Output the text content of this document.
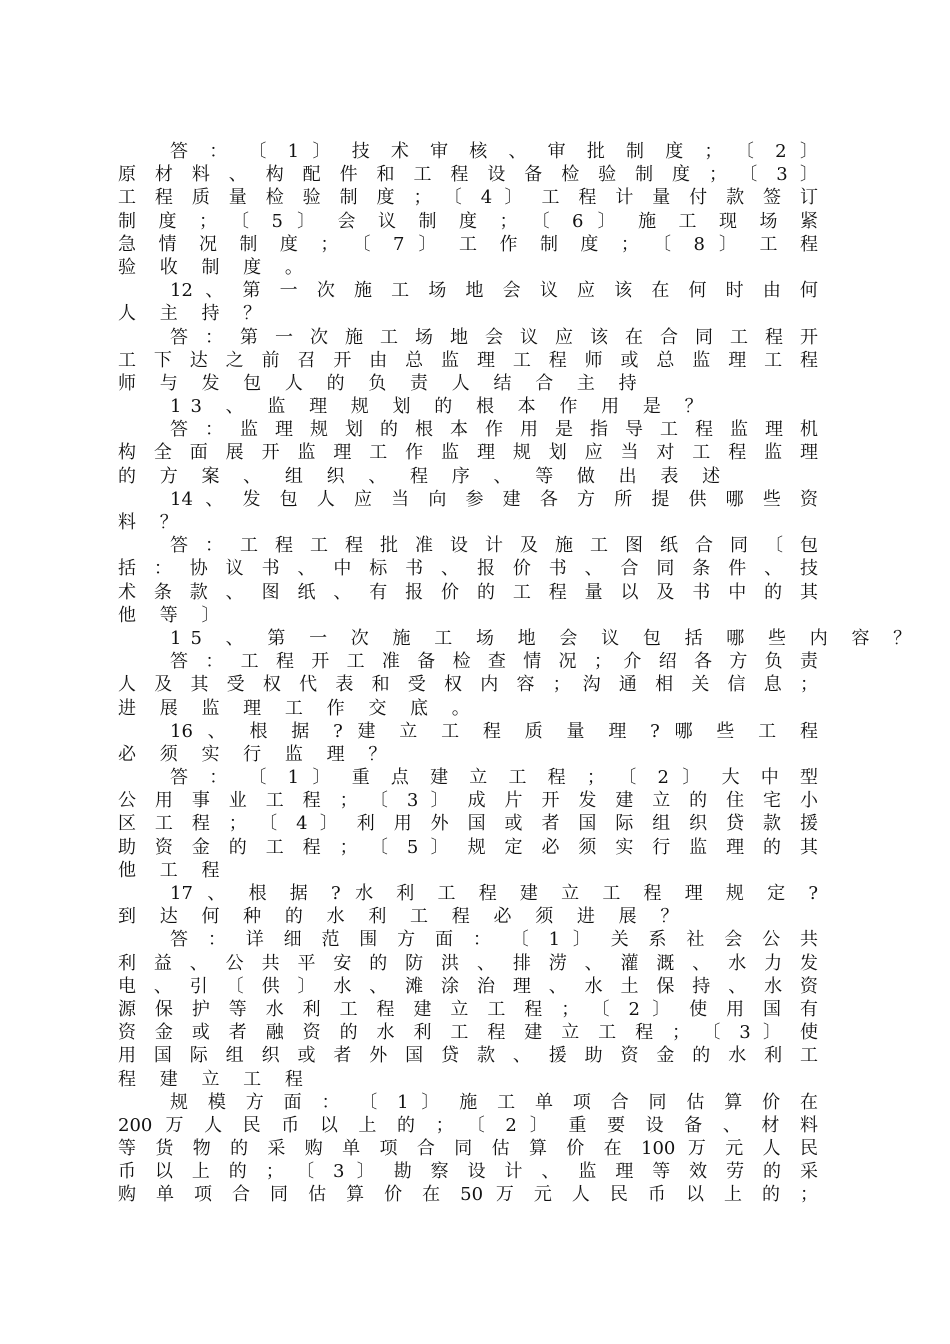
答 ： 〔 1 〕 技 术 审 核 、 审 批 制 度 ； 〔 2 〕
原 材 料 、 构 配 件 和 工 程 设 备 检 验 制 度 ； 〔 3 〕
工 程 质 量 检 验 制 度 ； 〔 4 〕 工 程 计 量 付 款 签 订
制 度 ； 〔 5 〕 会 议 制 度 ； 〔 6 〕 施 工 现 场 紧
急 情 况 制 度 ； 〔 7 〕 工 作 制 度 ； 〔 8 〕 工 程
验 收 制 度 。
12 、 第 一 次 施 工 场 地 会 议 应 该 在 何 时 由 何
人 主 持 ？
答 ： 第 一 次 施 工 场 地 会 议 应 该 在 合 同 工 程 开
工 下 达 之 前 召 开 由 总 监 理 工 程 师 或 总 监 理 工 程
师 与 发 包 人 的 负 责 人 结 合 主 持
13 、 监 理 规 划 的 根 本 作 用 是 ？
答 ： 监 理 规 划 的 根 本 作 用 是 指 导 工 程 监 理 机
构 全 面 展 开 监 理 工 作 监 理 规 划 应 当 对 工 程 监 理
的 方 案 、 组 织 、 程 序 、 等 做 出 表 述
14 、 发 包 人 应 当 向 参 建 各 方 所 提 供 哪 些 资
料 ？
答 ： 工 程 工 程 批 准 设 计 及 施 工 图 纸 合 同 〔 包
括 ： 协 议 书 、 中 标 书 、 报 价 书 、 合 同 条 件 、 技
术 条 款 、 图 纸 、 有 报 价 的 工 程 量 以 及 书 中 的 其
他 等 〕
15 、 第 一 次 施 工 场 地 会 议 包 括 哪 些 内 容 ？
答 ： 工 程 开 工 准 备 检 查 情 况 ； 介 绍 各 方 负 责
人 及 其 受 权 代 表 和 受 权 内 容 ； 沟 通 相 关 信 息 ；
进 展 监 理 工 作 交 底 。
16 、 根 据 ? 建 立 工 程 质 量 理 ? 哪 些 工 程
必 须 实 行 监 理 ？
答 ： 〔 1 〕 重 点 建 立 工 程 ； 〔 2 〕 大 中 型
公 用 事 业 工 程 ； 〔 3 〕 成 片 开 发 建 立 的 住 宅 小
区 工 程 ； 〔 4 〕 利 用 外 国 或 者 国 际 组 织 贷 款 援
助 资 金 的 工 程 ； 〔 5 〕 规 定 必 须 实 行 监 理 的 其
他 工 程
17 、 根 据 ? 水 利 工 程 建 立 工 程 理 规 定 ?
到 达 何 种 的 水 利 工 程 必 须 进 展 ？
答 ： 详 细 范 围 方 面 ： 〔 1 〕 关 系 社 会 公 共
利 益 、 公 共 平 安 的 防 洪 、 排 涝 、 灌 溉 、 水 力 发
电 、 引 〔 供 〕 水 、 滩 涂 治 理 、 水 土 保 持 、 水 资
源 保 护 等 水 利 工 程 建 立 工 程 ； 〔 2 〕 使 用 国 有
资 金 或 者 融 资 的 水 利 工 程 建 立 工 程 ； 〔 3 〕 使
用 国 际 组 织 或 者 外 国 贷 款 、 援 助 资 金 的 水 利 工
程 建 立 工 程
规 模 方 面 ： 〔 1 〕 施 工 单 项 合 同 估 算 价 在
200 万 人 民 币 以 上 的 ； 〔 2 〕 重 要 设 备 、 材 料
等 货 物 的 采 购 单 项 合 同 估 算 价 在 100 万 元 人 民
币 以 上 的 ； 〔 3 〕 勘 察 设 计 、 监 理 等 效 劳 的 采
购 单 项 合 同 估 算 价 在 50 万 元 人 民 币 以 上 的 ；
